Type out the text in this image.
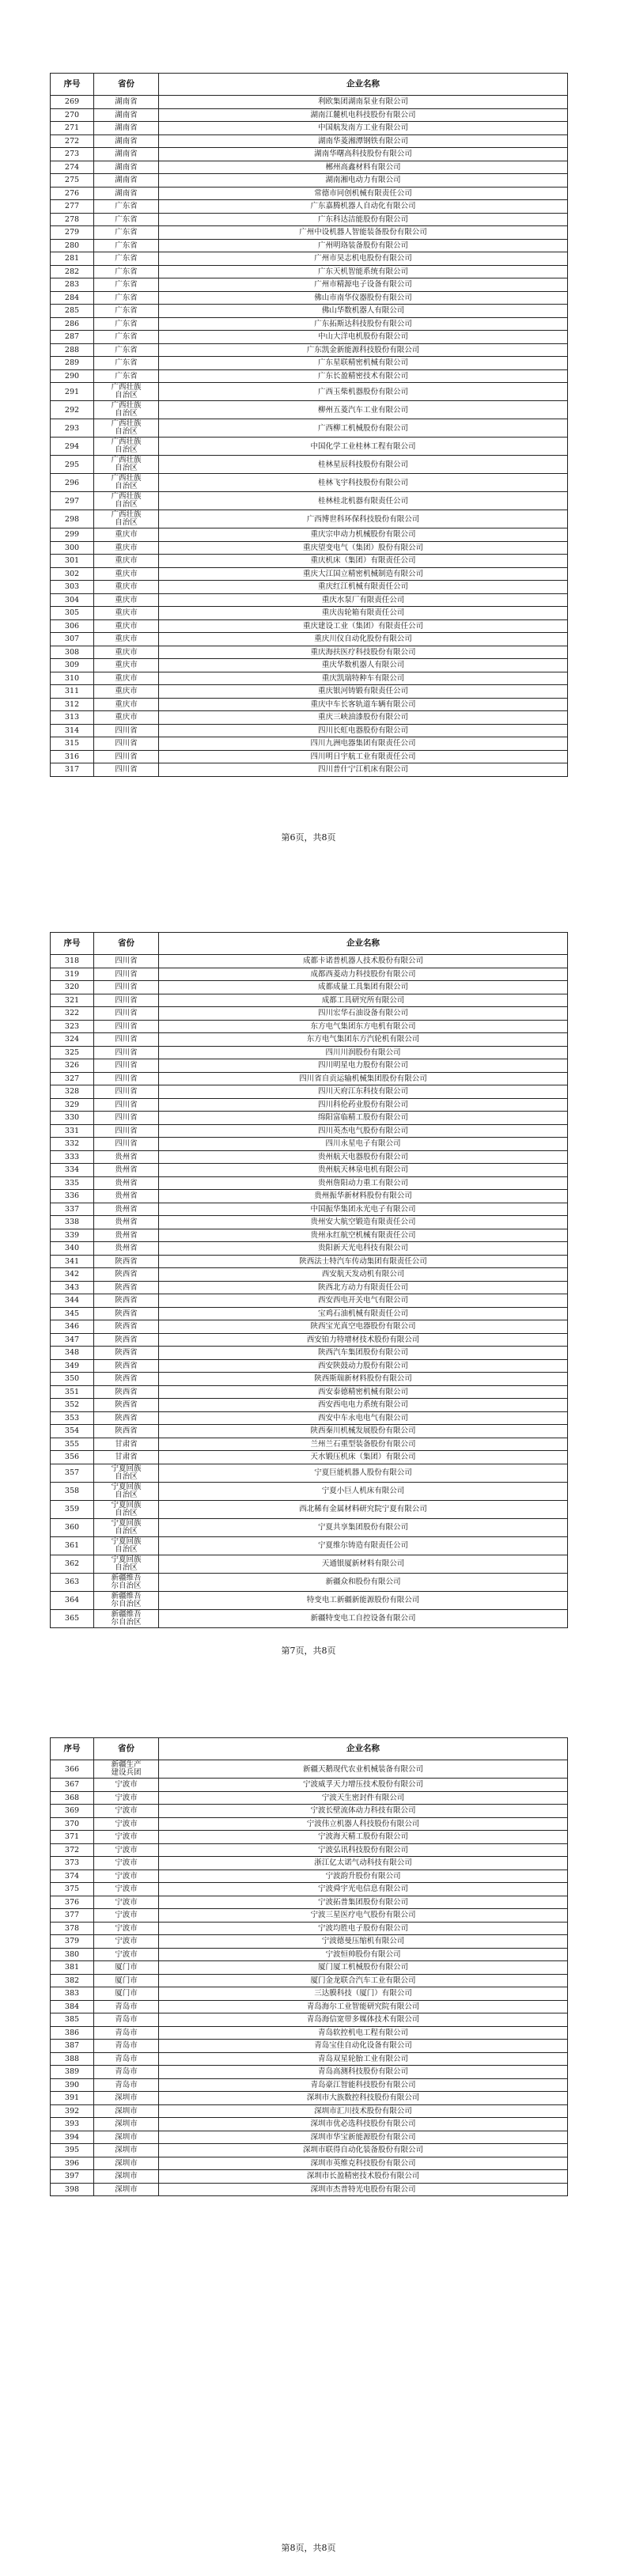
序号	省份	企业名称
269	湖南省	利欧集团湖南泵业有限公司
270	湖南省	湖南江麓机电科技股份有限公司
271	湖南省	中国航发南方工业有限公司
272	湖南省	湖南华菱湘潭钢铁有限公司
273	湖南省	湖南华曙高科技股份有限公司
274	湖南省	郴州高鑫材料有限公司
275	湖南省	湖南湘电动力有限公司
276	湖南省	常德市同创机械有限责任公司
277	广东省	广东嘉腾机器人自动化有限公司
278	广东省	广东科达洁能股份有限公司
279	广东省	广州中设机器人智能装备股份有限公司
280	广东省	广州明珞装备股份有限公司
281	广东省	广州市昊志机电股份有限公司
282	广东省	广东天机智能系统有限公司
283	广东省	广州市精源电子设备有限公司
284	广东省	佛山市南华仪器股份有限公司
285	广东省	佛山华数机器人有限公司
286	广东省	广东拓斯达科技股份有限公司
287	广东省	中山大洋电机股份有限公司
288	广东省	广东凯金新能源科技股份有限公司
289	广东省	广东星联精密机械有限公司
290	广东省	广东长盈精密技术有限公司
291	广西壮族自治区	广西玉柴机器股份有限公司
292	广西壮族自治区	柳州五菱汽车工业有限公司
293	广西壮族自治区	广西柳工机械股份有限公司
294	广西壮族自治区	中国化学工业桂林工程有限公司
295	广西壮族自治区	桂林星辰科技股份有限公司
296	广西壮族自治区	桂林飞宇科技股份有限公司
297	广西壮族自治区	桂林桂北机器有限责任公司
298	广西壮族自治区	广西博世科环保科技股份有限公司
299	重庆市	重庆宗申动力机械股份有限公司
300	重庆市	重庆望变电气（集团）股份有限公司
301	重庆市	重庆机床（集团）有限责任公司
302	重庆市	重庆大江国立精密机械制造有限公司
303	重庆市	重庆红江机械有限责任公司
304	重庆市	重庆水泵厂有限责任公司
305	重庆市	重庆齿轮箱有限责任公司
306	重庆市	重庆建设工业（集团）有限责任公司
307	重庆市	重庆川仪自动化股份有限公司
308	重庆市	重庆海扶医疗科技股份有限公司
309	重庆市	重庆华数机器人有限公司
310	重庆市	重庆凯瑞特种车有限公司
311	重庆市	重庆银河铸锻有限责任公司
312	重庆市	重庆中车长客轨道车辆有限公司
313	重庆市	重庆三峡油漆股份有限公司
314	四川省	四川长虹电器股份有限公司
315	四川省	四川九洲电器集团有限责任公司
316	四川省	四川明日宇航工业有限责任公司
317	四川省	四川普什宁江机床有限公司
第6页，共8页
序号	省份	企业名称
318	四川省	成都卡诺普机器人技术股份有限公司
319	四川省	成都西菱动力科技股份有限公司
320	四川省	成都成量工具集团有限公司
321	四川省	成都工具研究所有限公司
322	四川省	四川宏华石油设备有限公司
323	四川省	东方电气集团东方电机有限公司
324	四川省	东方电气集团东方汽轮机有限公司
325	四川省	四川川润股份有限公司
326	四川省	四川明星电力股份有限公司
327	四川省	四川省自贡运输机械集团股份有限公司
328	四川省	四川天府江东科技有限公司
329	四川省	四川科伦药业股份有限公司
330	四川省	绵阳富临精工股份有限公司
331	四川省	四川英杰电气股份有限公司
332	四川省	四川永星电子有限公司
333	贵州省	贵州航天电器股份有限公司
334	贵州省	贵州航天林泉电机有限公司
335	贵州省	贵州詹阳动力重工有限公司
336	贵州省	贵州振华新材料股份有限公司
337	贵州省	中国振华集团永光电子有限公司
338	贵州省	贵州安大航空锻造有限责任公司
339	贵州省	贵州永红航空机械有限责任公司
340	贵州省	贵阳新天光电科技有限公司
341	陕西省	陕西法士特汽车传动集团有限责任公司
342	陕西省	西安航天发动机有限公司
343	陕西省	陕西北方动力有限责任公司
344	陕西省	西安西电开关电气有限公司
345	陕西省	宝鸡石油机械有限责任公司
346	陕西省	陕西宝光真空电器股份有限公司
347	陕西省	西安铂力特增材技术股份有限公司
348	陕西省	陕西汽车集团股份有限公司
349	陕西省	西安陕鼓动力股份有限公司
350	陕西省	陕西斯瑞新材料股份有限公司
351	陕西省	西安泰德精密机械有限公司
352	陕西省	西安西电电力系统有限公司
353	陕西省	西安中车永电电气有限公司
354	陕西省	陕西秦川机械发展股份有限公司
355	甘肃省	兰州兰石重型装备股份有限公司
356	甘肃省	天水锻压机床（集团）有限公司
357	宁夏回族自治区	宁夏巨能机器人股份有限公司
358	宁夏回族自治区	宁夏小巨人机床有限公司
359	宁夏回族自治区	西北稀有金属材料研究院宁夏有限公司
360	宁夏回族自治区	宁夏共享集团股份有限公司
361	宁夏回族自治区	宁夏维尔铸造有限责任公司
362	宁夏回族自治区	天通银厦新材料有限公司
363	新疆维吾尔自治区	新疆众和股份有限公司
364	新疆维吾尔自治区	特变电工新疆新能源股份有限公司
365	新疆维吾尔自治区	新疆特变电工自控设备有限公司
第7页，共8页
序号	省份	企业名称
366	新疆生产建设兵团	新疆天鹅现代农业机械装备有限公司
367	宁波市	宁波威孚天力增压技术股份有限公司
368	宁波市	宁波天生密封件有限公司
369	宁波市	宁波长壁流体动力科技有限公司
370	宁波市	宁波伟立机器人科技股份有限公司
371	宁波市	宁波海天精工股份有限公司
372	宁波市	宁波弘讯科技股份有限公司
373	宁波市	浙江亿太诺气动科技有限公司
374	宁波市	宁波韵升股份有限公司
375	宁波市	宁波舜宇光电信息有限公司
376	宁波市	宁波拓普集团股份有限公司
377	宁波市	宁波三星医疗电气股份有限公司
378	宁波市	宁波均胜电子股份有限公司
379	宁波市	宁波德曼压缩机有限公司
380	宁波市	宁波恒帅股份有限公司
381	厦门市	厦门厦工机械股份有限公司
382	厦门市	厦门金龙联合汽车工业有限公司
383	厦门市	三达膜科技（厦门）有限公司
384	青岛市	青岛海尔工业智能研究院有限公司
385	青岛市	青岛海信宽带多媒体技术有限公司
386	青岛市	青岛软控机电工程有限公司
387	青岛市	青岛宝佳自动化设备有限公司
388	青岛市	青岛双星轮胎工业有限公司
389	青岛市	青岛高测科技股份有限公司
390	青岛市	青岛豪江智能科技股份有限公司
391	深圳市	深圳市大族数控科技股份有限公司
392	深圳市	深圳市汇川技术股份有限公司
393	深圳市	深圳市优必选科技股份有限公司
394	深圳市	深圳市华宝新能源股份有限公司
395	深圳市	深圳市联得自动化装备股份有限公司
396	深圳市	深圳市英维克科技股份有限公司
397	深圳市	深圳市长盈精密技术股份有限公司
398	深圳市	深圳市杰普特光电股份有限公司
第8页，共8页
